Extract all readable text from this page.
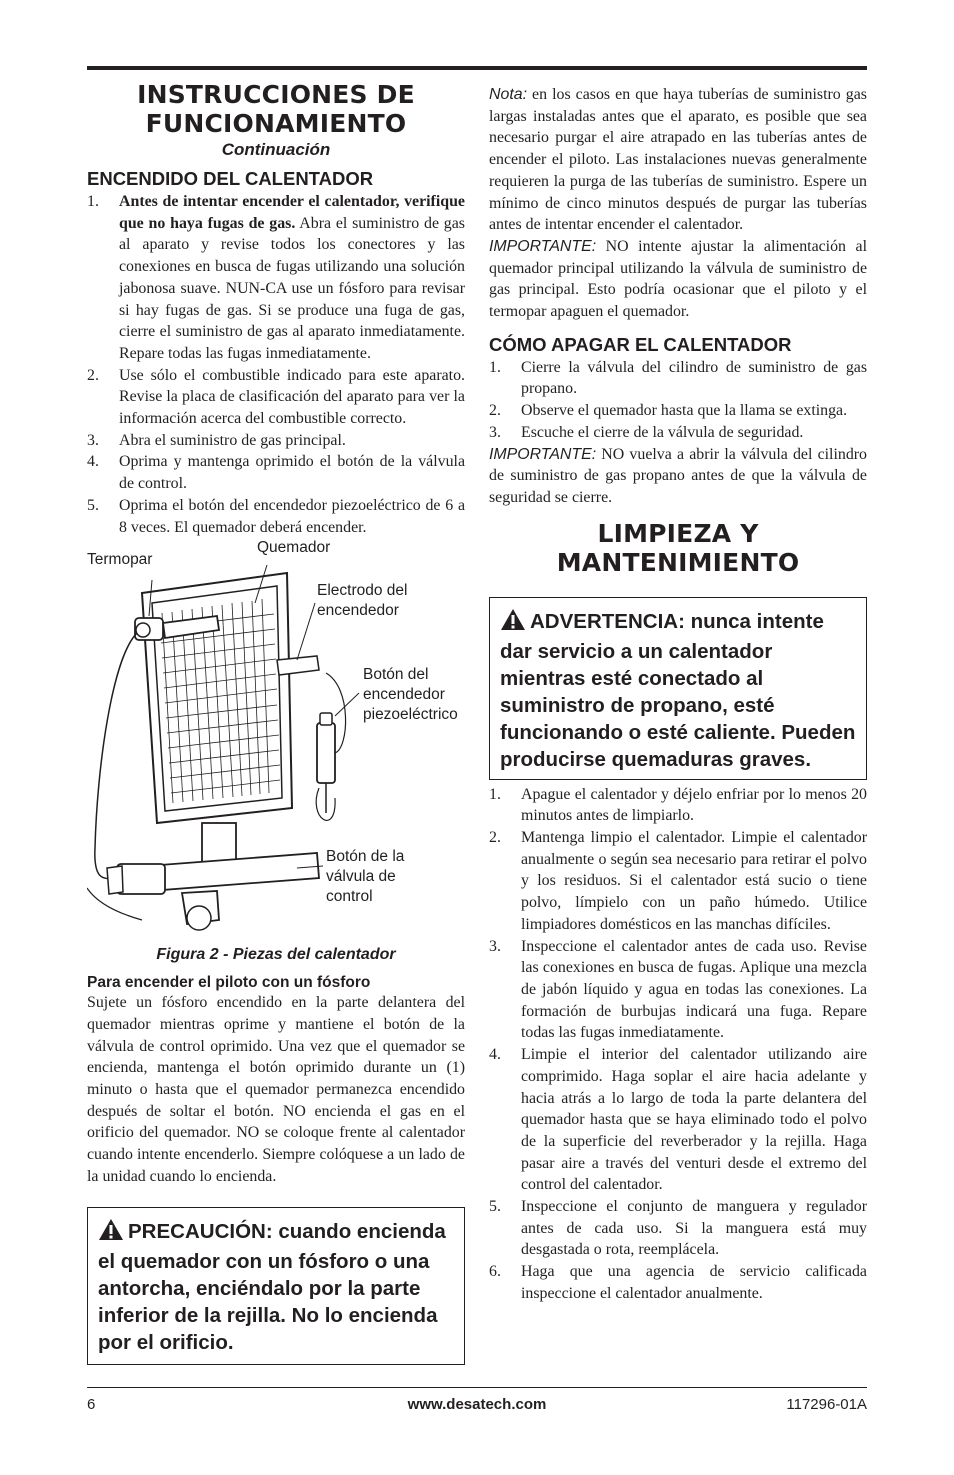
INSTRUCCIONES DE
FUNCIONAMIENTO
Continuación
ENCENDIDO DEL CALENTADOR
1. Antes de intentar encender el calentador, verifique que no haya fugas de gas. Abra el suministro de gas al aparato y revise todos los conectores y las conexiones en busca de fugas utilizando una solución jabonosa suave. NUN-CA use un fósforo para revisar si hay fugas de gas. Si se produce una fuga de gas, cierre el suministro de gas al aparato inmediatamente. Repare todas las fugas inmediatamente.
2. Use sólo el combustible indicado para este aparato. Revise la placa de clasificación del aparato para ver la información acerca del combustible correcto.
3. Abra el suministro de gas principal.
4. Oprima y mantenga oprimido el botón de la válvula de control.
5. Oprima el botón del encendedor piezoeléctrico de 6 a 8 veces. El quemador deberá encender.
Termopar
Quemador
Electrodo del
encendedor
Botón del
encendedor
piezoeléctrico
Botón de la
válvula de
control

Figura 2 - Piezas del calentador

Para encender el piloto con un fósforo

Sujete un fósforo encendido en la parte delantera del quemador mientras oprime y mantiene el botón de la válvula de control oprimido. Una vez que el quemador se encienda, mantenga el botón oprimido durante un (1) minuto o hasta que el quemador permanezca encendido después de soltar el botón. NO encienda el gas en el orificio del quemador. NO se coloque frente al calentador cuando intente encenderlo. Siempre colóquese a un lado de la unidad cuando lo encienda.

PRECAUCIÓN: cuando encienda el quemador con un fósforo o una antorcha, enciéndalo por la parte inferior de la rejilla. No lo encienda por el orificio.

Nota: en los casos en que haya tuberías de suministro gas largas instaladas antes que el aparato, es posible que sea necesario purgar el aire atrapado en las tuberías antes de encender el piloto. Las instalaciones nuevas generalmente requieren la purga de las tuberías de suministro. Espere un mínimo de cinco minutos después de purgar las tuberías antes de intentar encender el calentador.

IMPORTANTE: NO intente ajustar la alimentación al quemador principal utilizando la válvula de suministro de gas principal. Esto podría ocasionar que el piloto y el termopar apaguen el quemador.

CÓMO APAGAR EL CALENTADOR
1. Cierre la válvula del cilindro de suministro de gas propano.
2. Observe el quemador hasta que la llama se extinga.
3. Escuche el cierre de la válvula de seguridad.

IMPORTANTE: NO vuelva a abrir la válvula del cilindro de suministro de gas propano antes de que la válvula de seguridad se cierre.

LIMPIEZA Y
MANTENIMIENTO
ADVERTENCIA: nunca intente dar servicio a un calentador mientras esté conectado al suministro de propano, esté funcionando o esté caliente. Pueden producirse quemaduras graves.
1. Apague el calentador y déjelo enfriar por lo menos 20 minutos antes de limpiarlo.
2. Mantenga limpio el calentador. Limpie el calentador anualmente o según sea necesario para retirar el polvo y los residuos. Si el calentador está sucio o tiene polvo, límpielo con un paño húmedo. Utilice limpiadores domésticos en las manchas difíciles.
3. Inspeccione el calentador antes de cada uso. Revise las conexiones en busca de fugas. Aplique una mezcla de jabón líquido y agua en todas las conexiones. La formación de burbujas indicará una fuga. Repare todas las fugas inmediatamente.
4. Limpie el interior del calentador utilizando aire comprimido. Haga soplar el aire hacia adelante y hacia atrás a lo largo de toda la parte delantera del quemador hasta que se haya eliminado todo el polvo de la superficie del reverberador y la rejilla. Haga pasar aire a través del venturi desde el extremo del control del calentador.
5. Inspeccione el conjunto de manguera y regulador antes de cada uso. Si la manguera está muy desgastada o rota, reemplácela.
6. Haga que una agencia de servicio calificada inspeccione el calentador anualmente.
6	www.desatech.com	117296-01A
